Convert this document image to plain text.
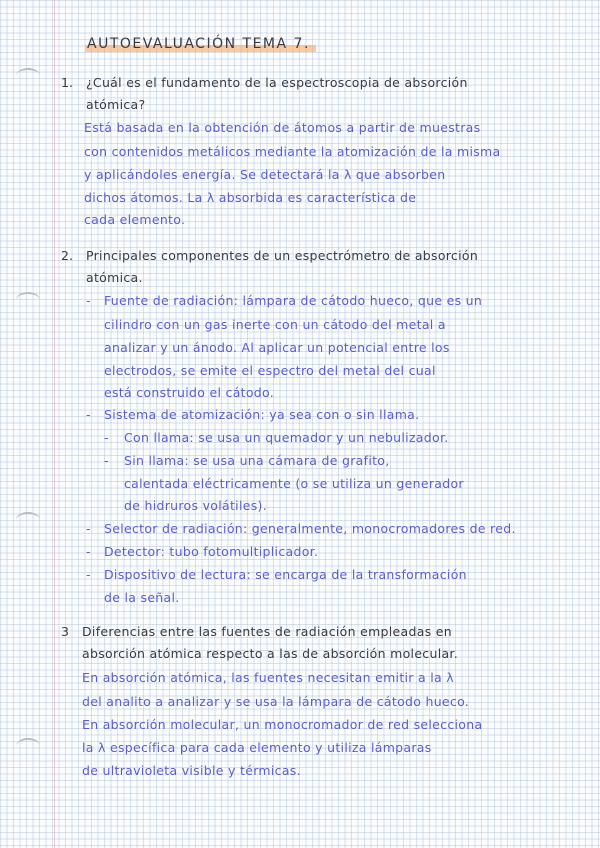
AUTOEVALUACIÓN TEMA 7.
1. ¿Cuál es el fundamento de la espectroscopia de absorción
atómica?
Está basada en la obtención de átomos a partir de muestras
con contenidos metálicos mediante la atomización de la misma
y aplicándoles energía. Se detectará la λ que absorben
dichos átomos. La λ absorbida es característica de
cada elemento.
2. Principales componentes de un espectrómetro de absorción
atómica.
- Fuente de radiación: lámpara de cátodo hueco, que es un
cilindro con un gas inerte con un cátodo del metal a
analizar y un ánodo. Al aplicar un potencial entre los
electrodos, se emite el espectro del metal del cual
está construido el cátodo.
- Sistema de atomización: ya sea con o sin llama.
- Con llama: se usa un quemador y un nebulizador.
- Sin llama: se usa una cámara de grafito,
calentada eléctricamente (o se utiliza un generador
de hidruros volátiles).
- Selector de radiación: generalmente, monocromadores de red.
- Detector: tubo fotomultiplicador.
- Dispositivo de lectura: se encarga de la transformación
de la señal.
3 Diferencias entre las fuentes de radiación empleadas en
absorción atómica respecto a las de absorción molecular.
En absorción atómica, las fuentes necesitan emitir a la λ
del analito a analizar y se usa la lámpara de cátodo hueco.
En absorción molecular, un monocromador de red selecciona
la λ específica para cada elemento y utiliza lámparas
de ultravioleta visible y térmicas.
